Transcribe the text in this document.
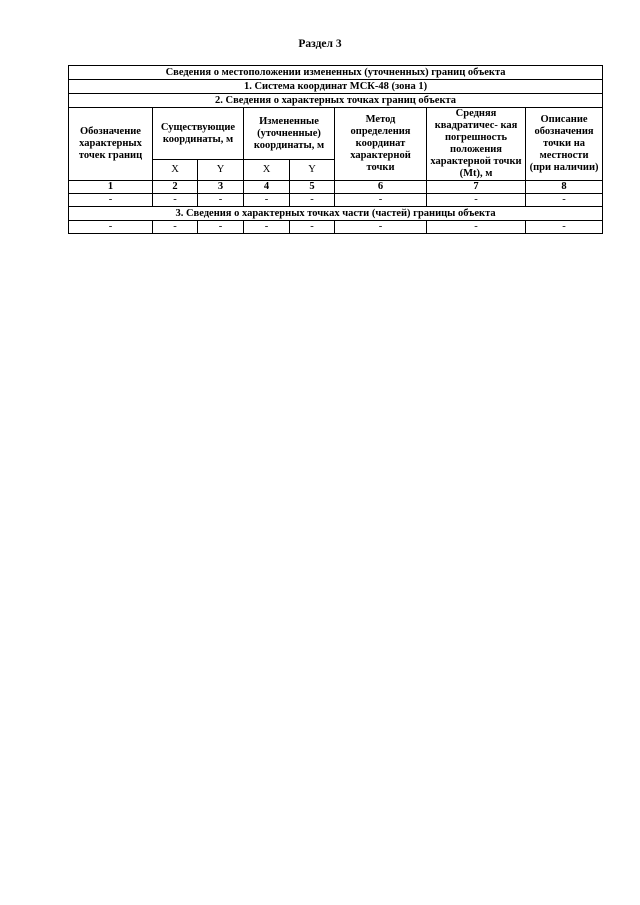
Раздел 3
Сведения о местоположении измененных (уточненных) границ объекта							
1. Система координат МСК-48 (зона 1)							
2. Сведения о характерных точках границ объекта							
Обозначение характерных точек границ	Существующие координаты, м		Измененные (уточненные) координаты, м		Метод определения координат характерной точки	Средняя квадратичес- кая погрешность положения характерной точки (Mt), м	Описание обозначения точки на местности (при наличии)
	X	Y	X	Y			
1	2	3	4	5	6	7	8
-	-	-	-	-	-	-	-
3. Сведения о характерных точках части (частей) границы объекта							
-	-	-	-	-	-	-	-
